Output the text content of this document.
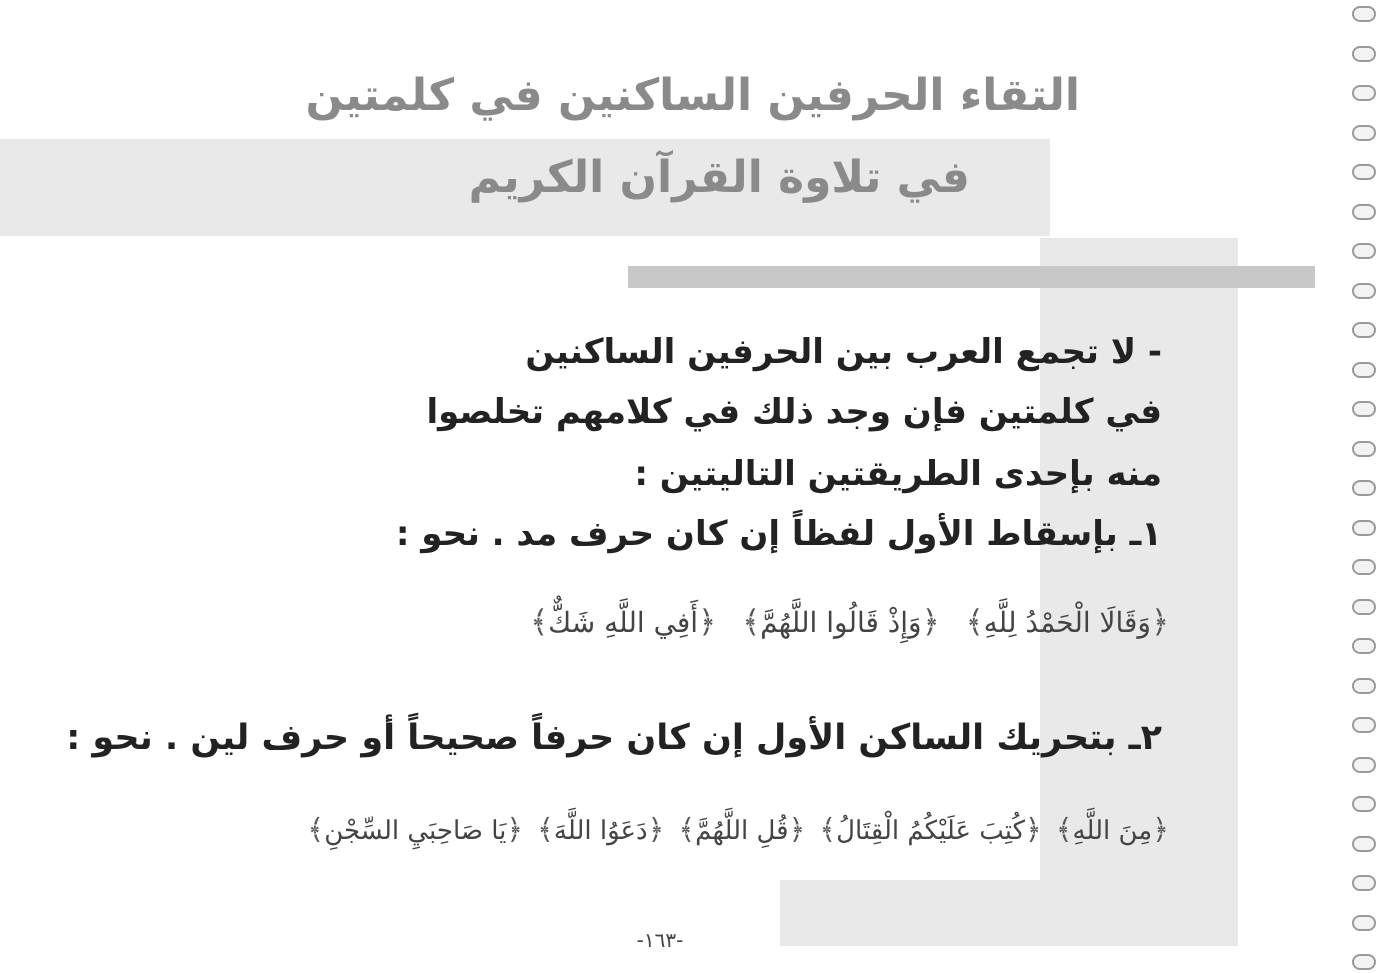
التقاء الحرفين الساكنين في كلمتين
في تلاوة القرآن الكريم
- لا تجمع العرب بين الحرفين الساكنين
في كلمتين فإن وجد ذلك في كلامهم تخلصوا
منه بإحدى الطريقتين التاليتين :
١ـ بإسقاط الأول لفظاً إن كان حرف مد . نحو :
﴿وَقَالَا الْحَمْدُ لِلَّهِ﴾
﴿وَإِذْ قَالُوا اللَّهُمَّ﴾
﴿أَفِي اللَّهِ شَكٌّ﴾
٢ـ بتحريك الساكن الأول إن كان حرفاً صحيحاً أو حرف لين . نحو :
﴿مِنَ اللَّهِ﴾
﴿كُتِبَ عَلَيْكُمُ الْقِتَالُ﴾
﴿قُلِ اللَّهُمَّ﴾
﴿دَعَوُا اللَّهَ﴾
﴿يَا صَاحِبَيِ السِّجْنِ﴾
-١٦٣-
